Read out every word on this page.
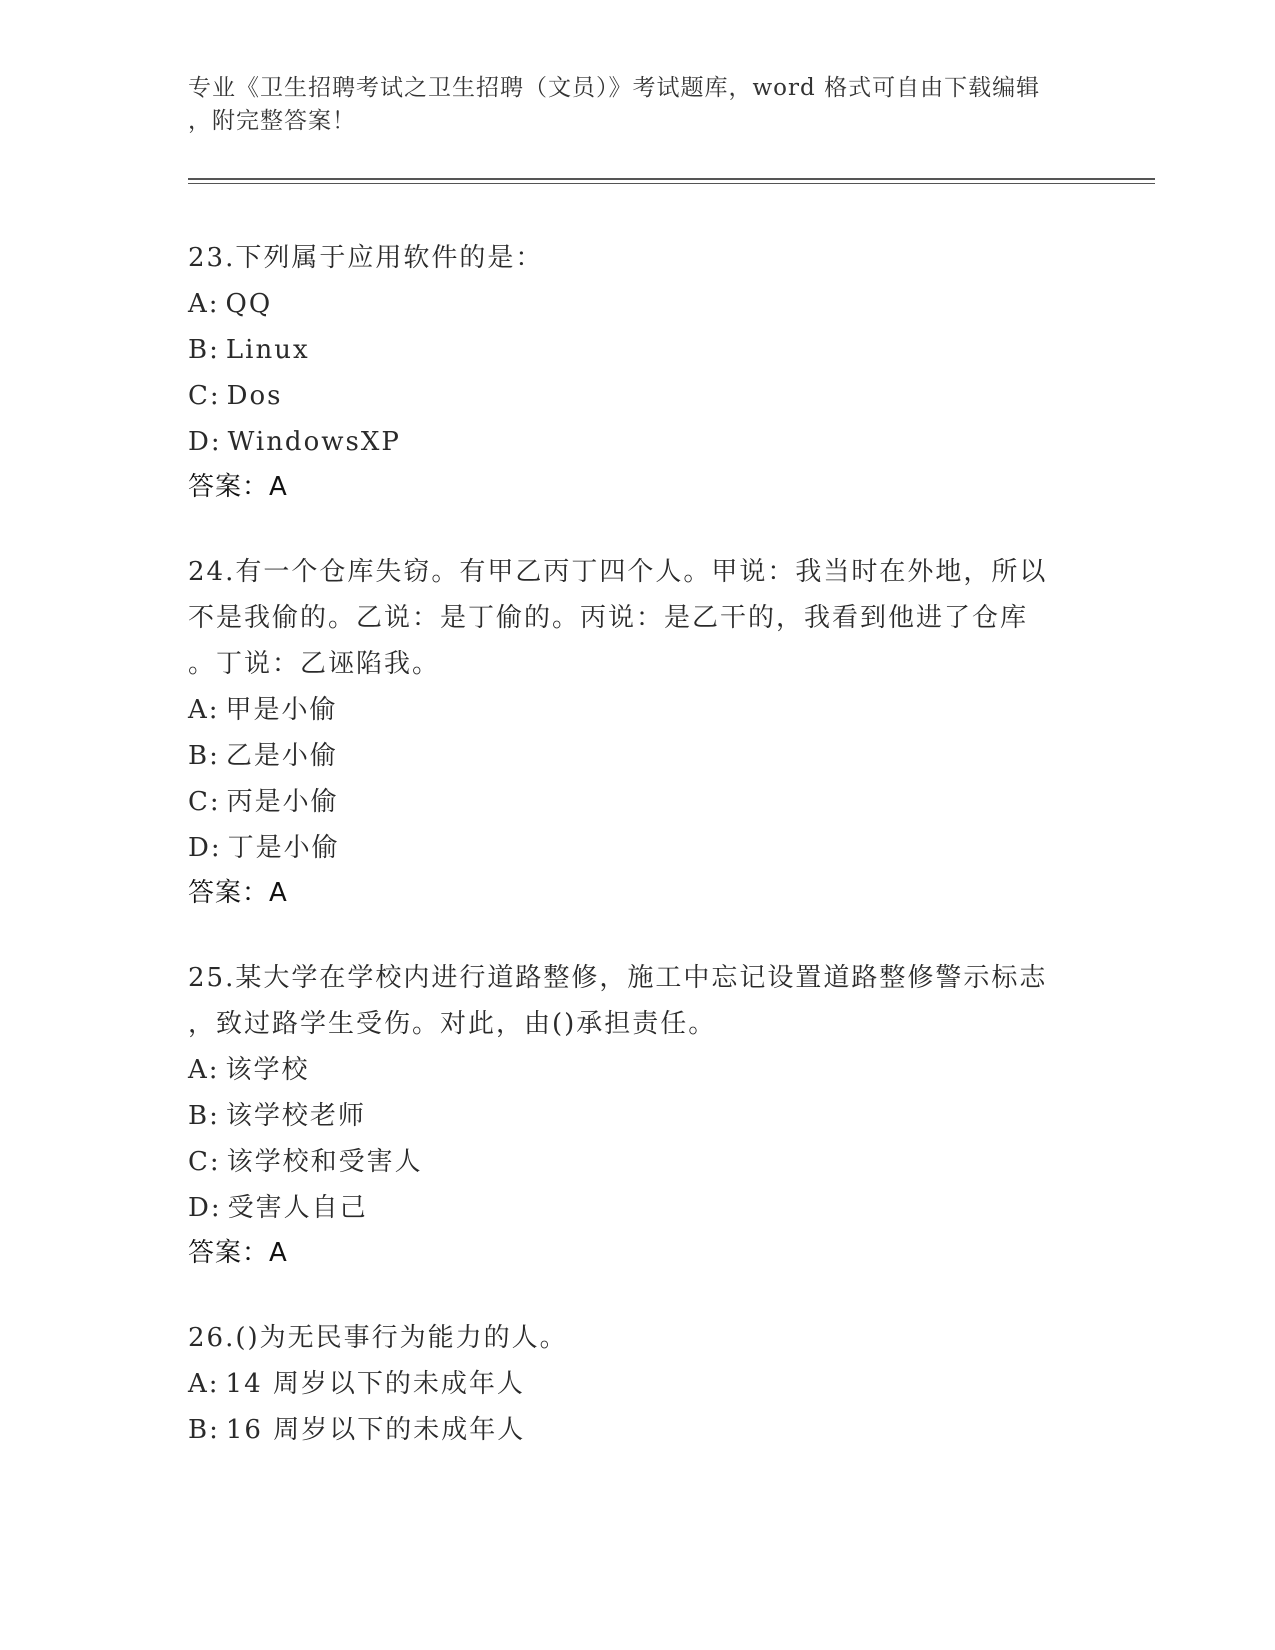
专业《卫生招聘考试之卫生招聘（文员）》考试题库，word 格式可自由下载编辑
，附完整答案！
23.下列属于应用软件的是：
A: QQ
B: Linux
C: Dos
D: WindowsXP
答案：A
24.有一个仓库失窃。有甲乙丙丁四个人。甲说：我当时在外地，所以
不是我偷的。乙说：是丁偷的。丙说：是乙干的，我看到他进了仓库
。丁说：乙诬陷我。
A: 甲是小偷
B: 乙是小偷
C: 丙是小偷
D: 丁是小偷
答案：A
25.某大学在学校内进行道路整修，施工中忘记设置道路整修警示标志
，致过路学生受伤。对此，由()承担责任。
A: 该学校
B: 该学校老师
C: 该学校和受害人
D: 受害人自己
答案：A
26.()为无民事行为能力的人。
A: 14 周岁以下的未成年人
B: 16 周岁以下的未成年人
